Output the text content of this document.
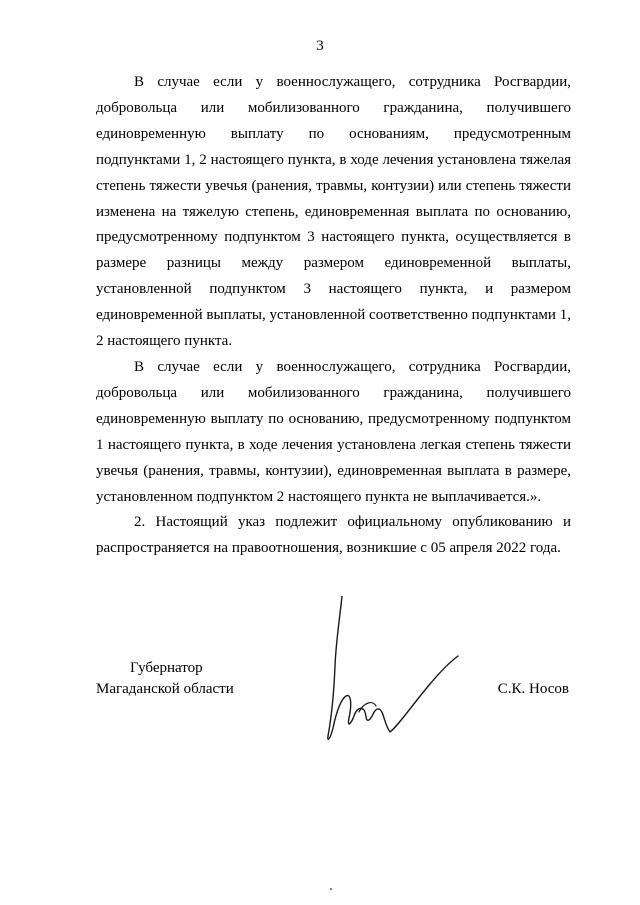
3

В случае если у военнослужащего, сотрудника Росгвардии, добровольца или мобилизованного гражданина, получившего единовременную выплату по основаниям, предусмотренным подпунктами 1, 2 настоящего пункта, в ходе лечения установлена тяжелая степень тяжести увечья (ранения, травмы, контузии) или степень тяжести изменена на тяжелую степень, единовременная выплата по основанию, предусмотренному подпунктом 3 настоящего пункта, осуществляется в размере разницы между размером единовременной выплаты, установленной подпунктом 3 настоящего пункта, и размером единовременной выплаты, установленной соответственно подпунктами 1, 2 настоящего пункта.

В случае если у военнослужащего, сотрудника Росгвардии, добровольца или мобилизованного гражданина, получившего единовременную выплату по основанию, предусмотренному подпунктом 1 настоящего пункта, в ходе лечения установлена легкая степень тяжести увечья (ранения, травмы, контузии), единовременная выплата в размере, установленном подпунктом 2 настоящего пункта не выплачивается.».

2. Настоящий указ подлежит официальному опубликованию и распространяется на правоотношения, возникшие с 05 апреля 2022 года.

Губернатор
Магаданской области	С.К. Носов
